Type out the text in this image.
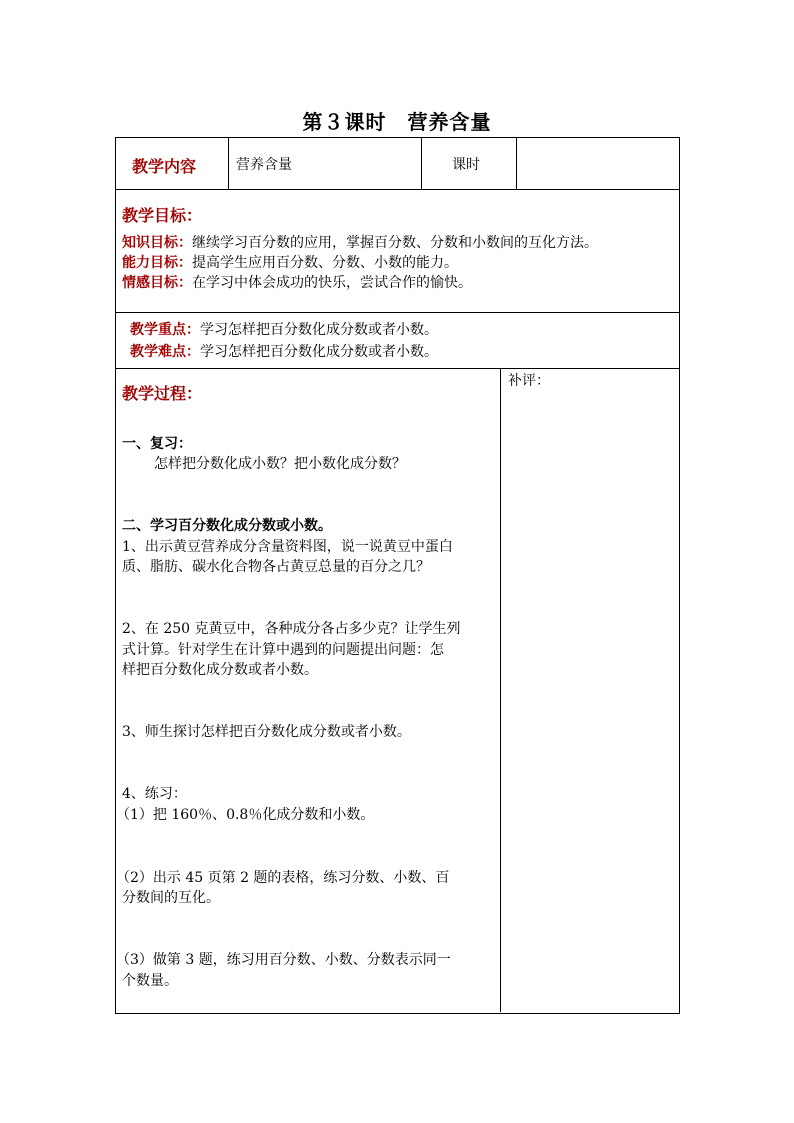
第３课时　营养含量
教学内容	营养含量	课时
教学目标：
知识目标：继续学习百分数的应用，掌握百分数、分数和小数间的互化方法。
能力目标：提高学生应用百分数、分数、小数的能力。
情感目标：在学习中体会成功的快乐，尝试合作的愉快。
教学重点：学习怎样把百分数化成分数或者小数。
教学难点：学习怎样把百分数化成分数或者小数。
教学过程：
一、复习：
怎样把分数化成小数？把小数化成分数？
二、学习百分数化成分数或小数。
1、出示黄豆营养成分含量资料图，说一说黄豆中蛋白
质、脂肪、碳水化合物各占黄豆总量的百分之几？
2、在 250 克黄豆中，各种成分各占多少克？让学生列
式计算。针对学生在计算中遇到的问题提出问题：怎
样把百分数化成分数或者小数。
3、师生探讨怎样把百分数化成分数或者小数。
4、练习：
（1）把 160％、0.8％化成分数和小数。
（2）出示 45 页第 2 题的表格，练习分数、小数、百
分数间的互化。
（3）做第 3 题，练习用百分数、小数、分数表示同一
个数量。
补评：
